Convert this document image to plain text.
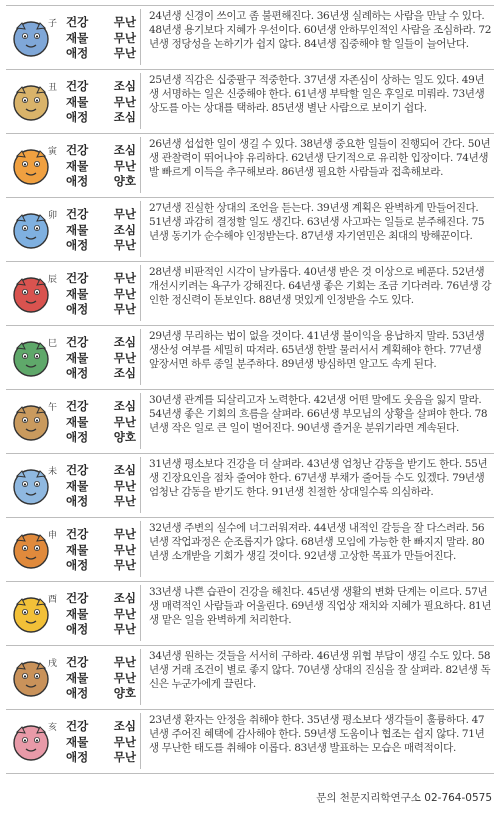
子 건강 무난
재물 무난
애정 무난
24년생 신경이 쓰이고 좀 불편해진다. 36년생 실례하는 사람을 만날 수 있다. 48년생 용기보다 지혜가 우선이다. 60년생 안하무인적인 사람을 조심하라. 72년생 정당성을 논하기가 쉽지 않다. 84년생 집중해야 할 일들이 늘어난다.
丑 건강 조심
재물 무난
애정 조심
25년생 직감은 십중팔구 적중한다. 37년생 자존심이 상하는 일도 있다. 49년생 서명하는 일은 신중해야 한다. 61년생 부탁할 일은 후일로 미뤄라. 73년생 상도를 아는 상대를 택하라. 85년생 별난 사람으로 보이기 쉽다.
寅 건강 조심
재물 무난
애정 양호
26년생 섭섭한 일이 생길 수 있다. 38년생 중요한 일들이 진행되어 간다. 50년생 관찰력이 뛰어나야 유리하다. 62년생 단기적으로 유리한 입장이다. 74년생 발 빠르게 이득을 추구해보라. 86년생 필요한 사람들과 접촉해보라.
卯 건강 무난
재물 조심
애정 무난
27년생 진실한 상대의 조언을 듣는다. 39년생 계획은 완벽하게 만들어진다. 51년생 과감히 결정할 일도 생긴다. 63년생 사고파는 일들로 분주해진다. 75년생 동기가 순수해야 인정받는다. 87년생 자기연민은 최대의 방해꾼이다.
辰 건강 무난
재물 무난
애정 무난
28년생 비판적인 시각이 날카롭다. 40년생 받은 것 이상으로 베푼다. 52년생 개선시키려는 욕구가 강해진다. 64년생 좋은 기회는 조금 기다려라. 76년생 강인한 정신력이 돋보인다. 88년생 멋있게 인정받을 수도 있다.
巳 건강 조심
재물 무난
애정 조심
29년생 무리하는 법이 없을 것이다. 41년생 불이익을 용납하지 말라. 53년생 생산성 여부를 세밀히 따져라. 65년생 한발 물러서서 계획해야 한다. 77년생 앞장서면 하루 종일 분주하다. 89년생 방심하면 알고도 속게 된다.
午 건강 조심
재물 무난
애정 양호
30년생 관계를 되살리고자 노력한다. 42년생 어떤 말에도 웃음을 잃지 말라. 54년생 좋은 기회의 흐름을 살펴라. 66년생 부모님의 상황을 살펴야 한다. 78년생 작은 일로 큰 일이 벌어진다. 90년생 즐거운 분위기라면 계속된다.
未 건강 조심
재물 무난
애정 무난
31년생 평소보다 건강을 더 살펴라. 43년생 엄청난 감동을 받기도 한다. 55년생 긴장요인을 점차 줄여야 한다. 67년생 부채가 줄어들 수도 있겠다. 79년생 엄청난 감동을 받기도 한다. 91년생 친절한 상대일수록 의심하라.
申 건강 무난
재물 무난
애정 무난
32년생 주변의 실수에 너그러워져라. 44년생 내적인 갈등을 잘 다스려라. 56년생 작업과정은 순조롭지가 않다. 68년생 모임에 가능한 한 빠지지 말라. 80년생 소개받을 기회가 생길 것이다. 92년생 고상한 목표가 만들어진다.
酉 건강 조심
재물 무난
애정 무난
33년생 나쁜 습관이 건강을 해친다. 45년생 생활의 변화 단계는 이르다. 57년생 매력적인 사람들과 어울린다. 69년생 직업상 재치와 지혜가 필요하다. 81년생 맡은 일을 완벽하게 처리한다.
戌 건강 무난
재물 무난
애정 양호
34년생 원하는 것들을 서서히 구하라. 46년생 위협 부담이 생길 수도 있다. 58년생 거래 조건이 별로 좋지 않다. 70년생 상대의 진심을 잘 살펴라. 82년생 독신은 누군가에게 끌린다.
亥 건강 조심
재물 무난
애정 무난
23년생 환자는 안정을 취해야 한다. 35년생 평소보다 생각들이 훌륭하다. 47년생 주어진 혜택에 감사해야 한다. 59년생 도움이나 협조는 쉽지 않다. 71년생 무난한 태도를 취해야 이롭다. 83년생 발표하는 모습은 매력적이다.
문의 천문지리학연구소 02-764-0575
